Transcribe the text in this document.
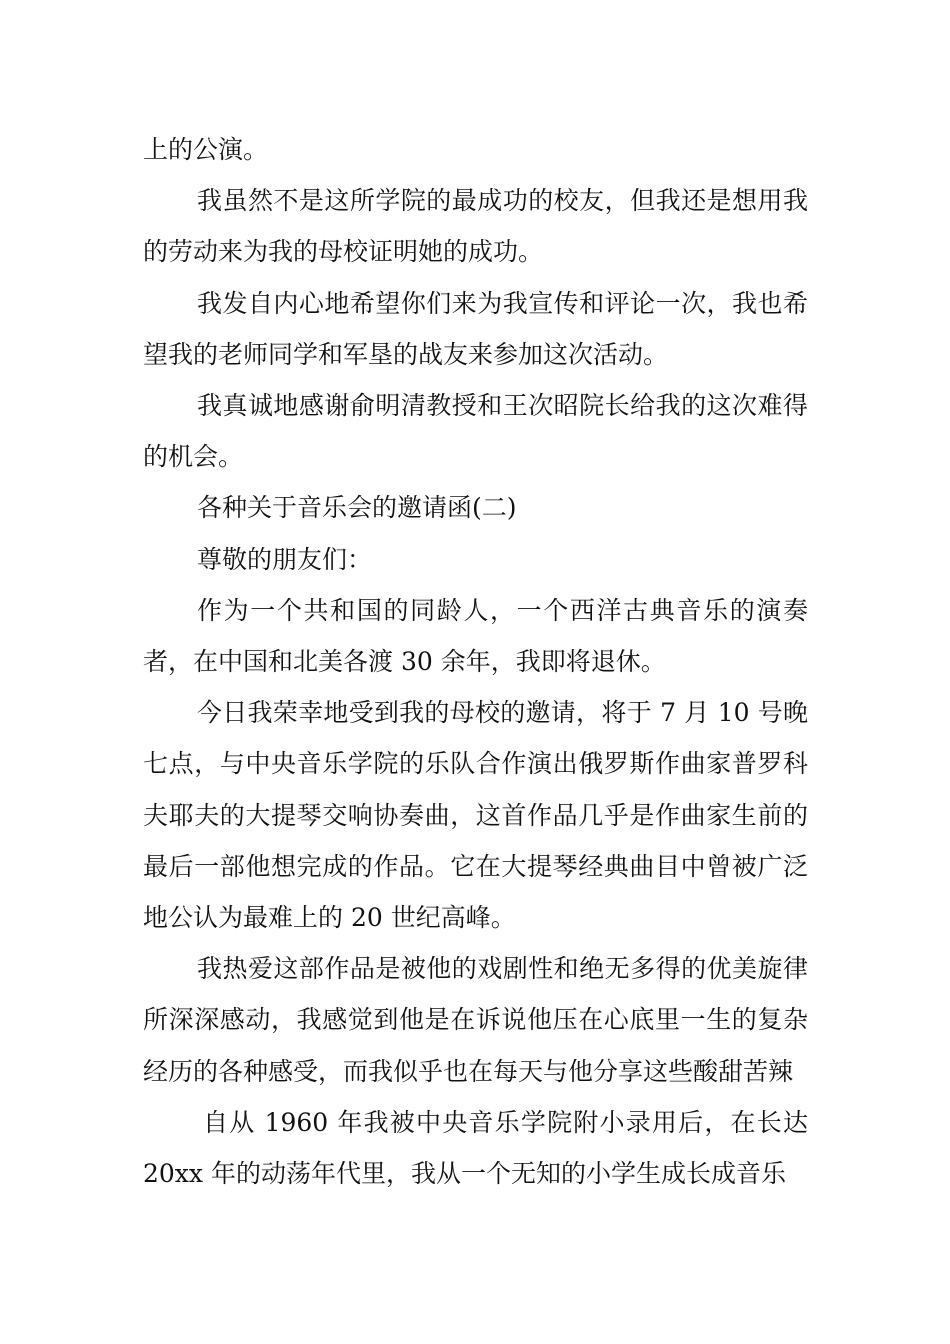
上的公演。

我虽然不是这所学院的最成功的校友，但我还是想用我的劳动来为我的母校证明她的成功。

我发自内心地希望你们来为我宣传和评论一次，我也希望我的老师同学和军垦的战友来参加这次活动。

我真诚地感谢俞明清教授和王次昭院长给我的这次难得的机会。

各种关于音乐会的邀请函(二)

尊敬的朋友们：

作为一个共和国的同龄人，一个西洋古典音乐的演奏者，在中国和北美各渡 30 余年，我即将退休。

今日我荣幸地受到我的母校的邀请，将于 7 月 10 号晚七点，与中央音乐学院的乐队合作演出俄罗斯作曲家普罗科夫耶夫的大提琴交响协奏曲，这首作品几乎是作曲家生前的最后一部他想完成的作品。它在大提琴经典曲目中曾被广泛地公认为最难上的 20 世纪高峰。

我热爱这部作品是被他的戏剧性和绝无多得的优美旋律所深深感动，我感觉到他是在诉说他压在心底里一生的复杂经历的各种感受，而我似乎也在每天与他分享这些酸甜苦辣

自从 1960 年我被中央音乐学院附小录用后，在长达 20xx 年的动荡年代里，我从一个无知的小学生成长成音乐
